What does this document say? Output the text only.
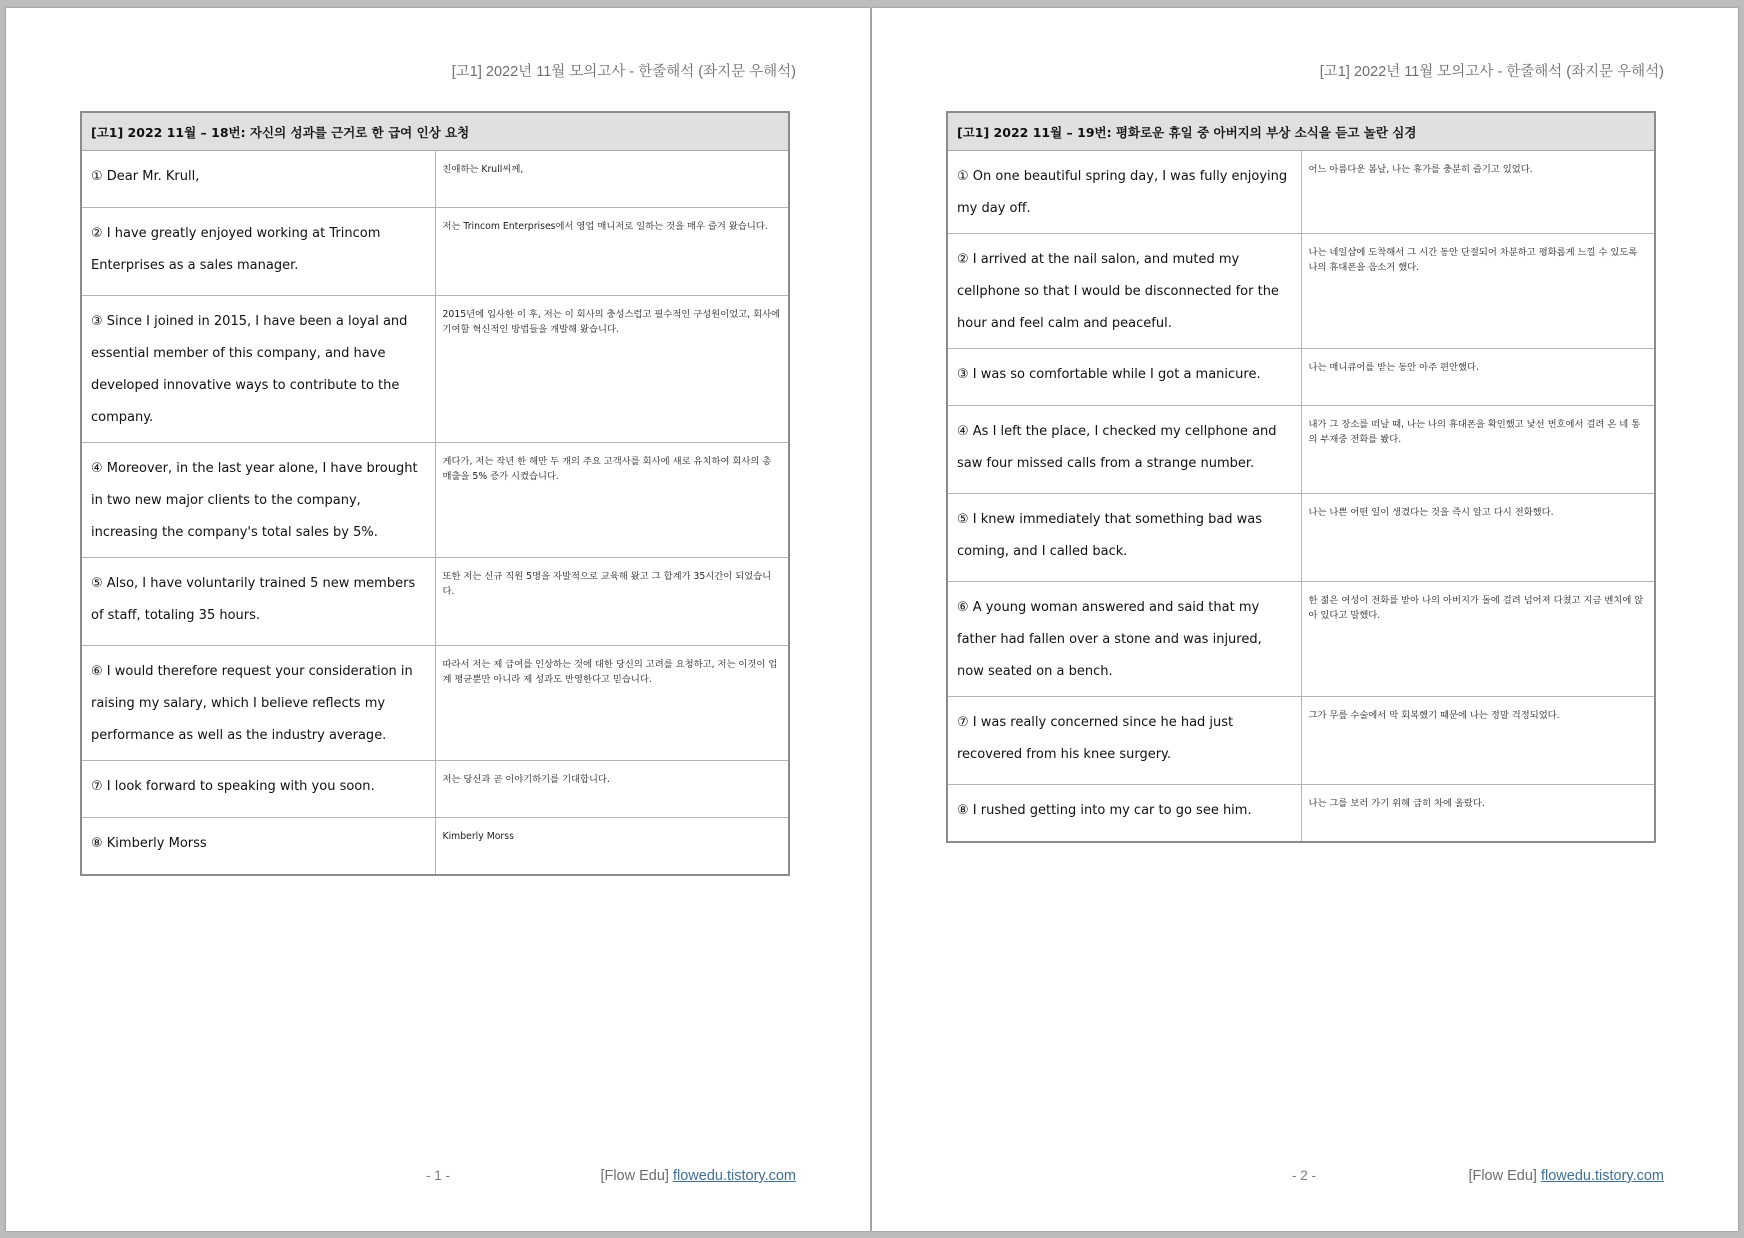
[고1] 2022년 11월 모의고사 - 한줄해석 (좌지문 우해석)
[고1] 2022 11월 – 18번: 자신의 성과를 근거로 한 급여 인상 요청	
① Dear Mr. Krull,	친애하는 Krull씨께,
② I have greatly enjoyed working at Trincom Enterprises as a sales manager.	저는 Trincom Enterprises에서 영업 매니저로 일하는 것을 매우 즐겨 왔습니다.
③ Since I joined in 2015, I have been a loyal and essential member of this company, and have developed innovative ways to contribute to the company.	2015년에 입사한 이 후, 저는 이 회사의 충성스럽고 필수적인 구성원이었고, 회사에 기여할 혁신적인 방법들을 개발해 왔습니다.
④ Moreover, in the last year alone, I have brought in two new major clients to the company, increasing the company's total sales by 5%.	게다가, 저는 작년 한 해만 두 개의 주요 고객사를 회사에 새로 유치하여 회사의 총 매출을 5% 증가 시켰습니다.
⑤ Also, I have voluntarily trained 5 new members of staff, totaling 35 hours.	또한 저는 신규 직원 5명을 자발적으로 교육해 왔고 그 합계가 35시간이 되었습니다.
⑥ I would therefore request your consideration in raising my salary, which I believe reflects my performance as well as the industry average.	따라서 저는 제 급여를 인상하는 것에 대한 당신의 고려를 요청하고, 저는 이것이 업계 평균뿐만 아니라 제 성과도 반영한다고 믿습니다.
⑦ I look forward to speaking with you soon.	저는 당신과 곧 이야기하기를 기대합니다.
⑧ Kimberly Morss	Kimberly Morss
- 1 -	[Flow Edu] flowedu.tistory.com
[고1] 2022년 11월 모의고사 - 한줄해석 (좌지문 우해석)
[고1] 2022 11월 – 19번: 평화로운 휴일 중 아버지의 부상 소식을 듣고 놀란 심경	
① On one beautiful spring day, I was fully enjoying my day off.	어느 아름다운 봄날, 나는 휴가를 충분히 즐기고 있었다.
② I arrived at the nail salon, and muted my cellphone so that I would be disconnected for the hour and feel calm and peaceful.	나는 네일샵에 도착해서 그 시간 동안 단절되어 차분하고 평화롭게 느낄 수 있도록 나의 휴대폰을 음소거 했다.
③ I was so comfortable while I got a manicure.	나는 매니큐어를 받는 동안 아주 편안했다.
④ As I left the place, I checked my cellphone and saw four missed calls from a strange number.	내가 그 장소를 떠날 때, 나는 나의 휴대폰을 확인했고 낯선 번호에서 걸려 온 네 통의 부재중 전화를 봤다.
⑤ I knew immediately that something bad was coming, and I called back.	나는 나쁜 어떤 일이 생겼다는 것을 즉시 알고 다시 전화했다.
⑥ A young woman answered and said that my father had fallen over a stone and was injured, now seated on a bench.	한 젊은 여성이 전화를 받아 나의 아버지가 돌에 걸려 넘어져 다쳤고 지금 벤치에 앉아 있다고 말했다.
⑦ I was really concerned since he had just recovered from his knee surgery.	그가 무릎 수술에서 막 회복했기 때문에 나는 정말 걱정되었다.
⑧ I rushed getting into my car to go see him.	나는 그를 보러 가기 위해 급히 차에 올랐다.
- 2 -	[Flow Edu] flowedu.tistory.com
